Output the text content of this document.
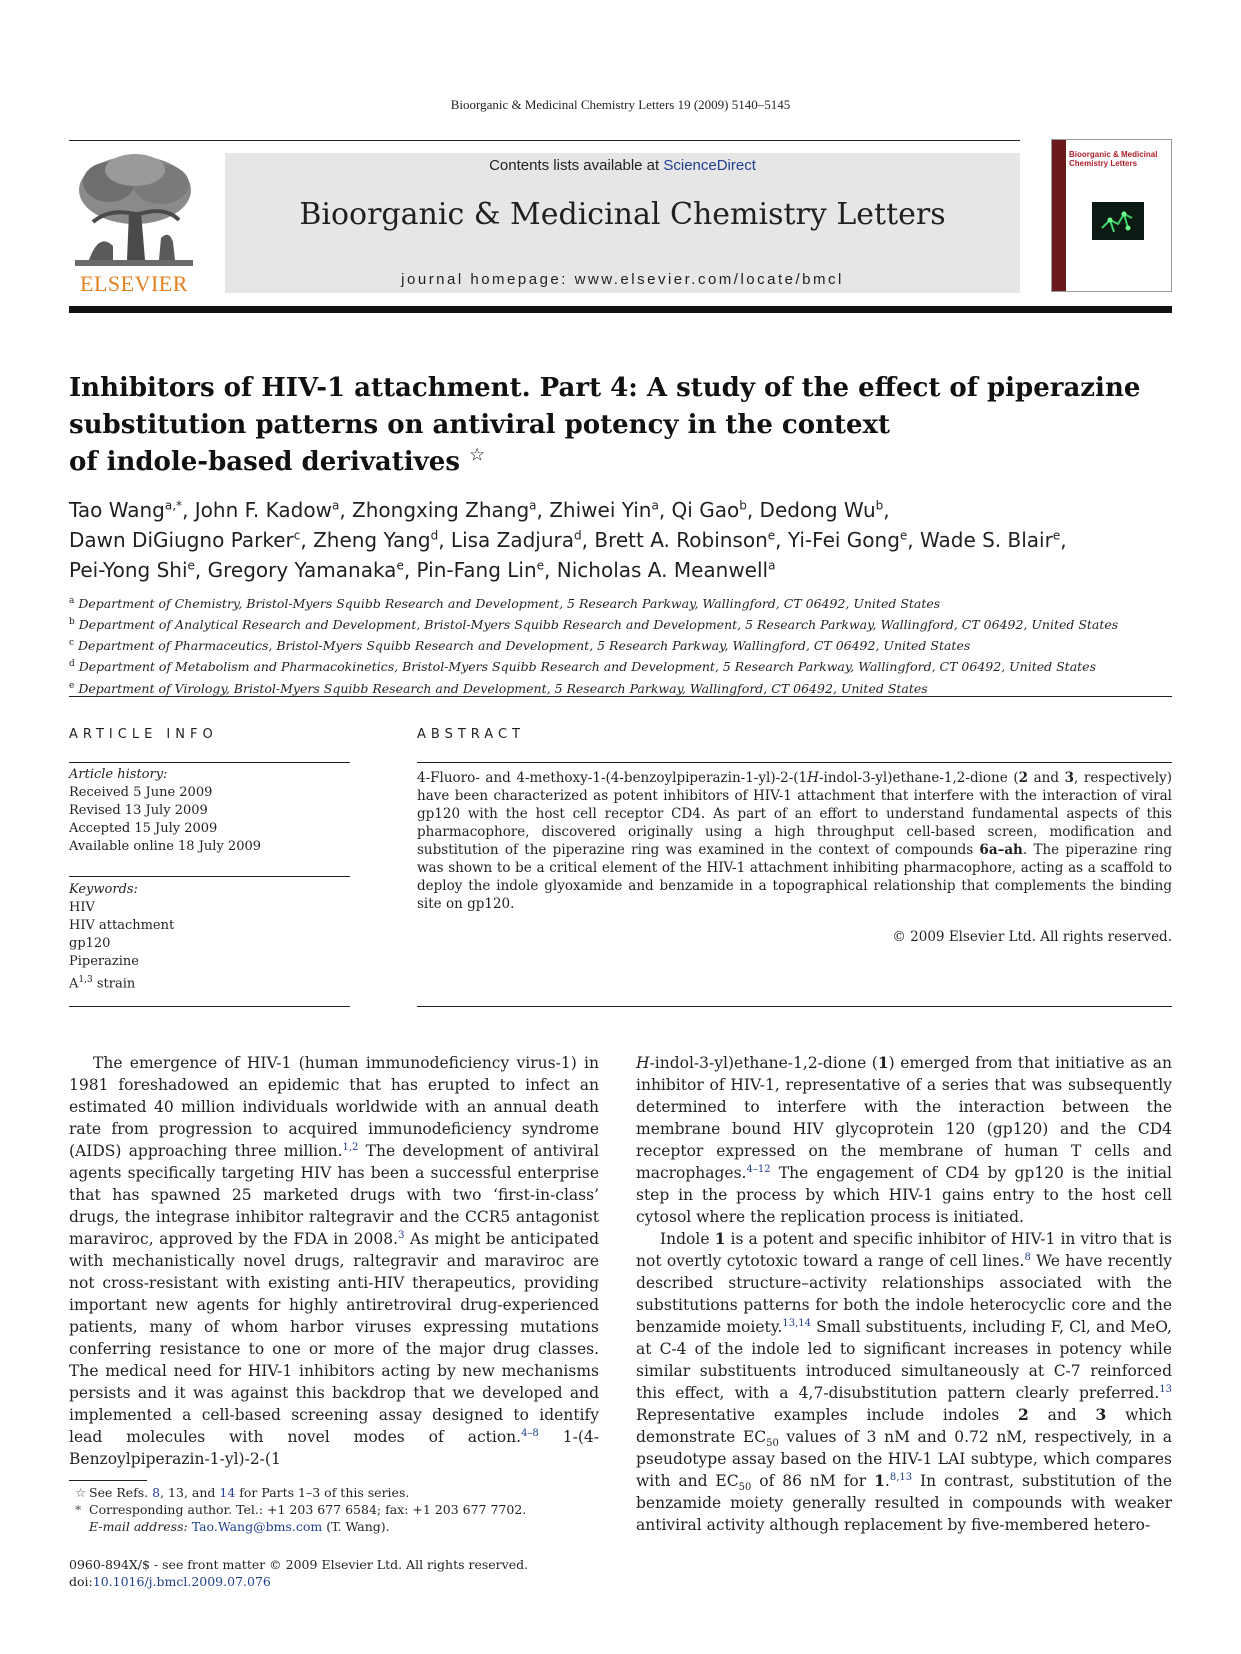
Bioorganic & Medicinal Chemistry Letters 19 (2009) 5140–5145
ELSEVIER
Contents lists available at ScienceDirect
Bioorganic & Medicinal Chemistry Letters
journal homepage: www.elsevier.com/locate/bmcl
Bioorganic & Medicinal Chemistry Letters
Inhibitors of HIV-1 attachment. Part 4: A study of the effect of piperazine
substitution patterns on antiviral potency in the context
of indole-based derivatives ☆
Tao Wang$^{a,*}$, John F. Kadow$^a$, Zhongxing Zhang$^a$, Zhiwei Yin$^a$, Qi Gao$^b$, Dedong Wu$^b$,
Dawn DiGiugno Parker$^c$, Zheng Yang$^d$, Lisa Zadjura$^d$, Brett A. Robinson$^e$, Yi-Fei Gong$^e$, Wade S. Blair$^e$,
Pei-Yong Shi$^e$, Gregory Yamanaka$^e$, Pin-Fang Lin$^e$, Nicholas A. Meanwell$^a$
$^a$ Department of Chemistry, Bristol-Myers Squibb Research and Development, 5 Research Parkway, Wallingford, CT 06492, United States
$^b$ Department of Analytical Research and Development, Bristol-Myers Squibb Research and Development, 5 Research Parkway, Wallingford, CT 06492, United States
$^c$ Department of Pharmaceutics, Bristol-Myers Squibb Research and Development, 5 Research Parkway, Wallingford, CT 06492, United States
$^d$ Department of Metabolism and Pharmacokinetics, Bristol-Myers Squibb Research and Development, 5 Research Parkway, Wallingford, CT 06492, United States
$^e$ Department of Virology, Bristol-Myers Squibb Research and Development, 5 Research Parkway, Wallingford, CT 06492, United States
ARTICLE INFO	ABSTRACT
Article history:
Received 5 June 2009
Revised 13 July 2009
Accepted 15 July 2009
Available online 18 July 2009
Keywords:
HIV
HIV attachment
gp120
Piperazine
A$^{1,3}$ strain
4-Fluoro- and 4-methoxy-1-(4-benzoylpiperazin-1-yl)-2-(1H-indol-3-yl)ethane-1,2-dione (2 and 3, respectively) have been characterized as potent inhibitors of HIV-1 attachment that interfere with the interaction of viral gp120 with the host cell receptor CD4. As part of an effort to understand fundamental aspects of this pharmacophore, discovered originally using a high throughput cell-based screen, modification and substitution of the piperazine ring was examined in the context of compounds 6a–ah. The piperazine ring was shown to be a critical element of the HIV-1 attachment inhibiting pharmacophore, acting as a scaffold to deploy the indole glyoxamide and benzamide in a topographical relationship that complements the binding site on gp120.
© 2009 Elsevier Ltd. All rights reserved.

The emergence of HIV-1 (human immunodeficiency virus-1) in 1981 foreshadowed an epidemic that has erupted to infect an estimated 40 million individuals worldwide with an annual death rate from progression to acquired immunodeficiency syndrome (AIDS) approaching three million.$^{1,2}$ The development of antiviral agents specifically targeting HIV has been a successful enterprise that has spawned 25 marketed drugs with two ‘first-in-class’ drugs, the integrase inhibitor raltegravir and the CCR5 antagonist maraviroc, approved by the FDA in 2008.$^3$ As might be anticipated with mechanistically novel drugs, raltegravir and maraviroc are not cross-resistant with existing anti-HIV therapeutics, providing important new agents for highly antiretroviral drug-experienced patients, many of whom harbor viruses expressing mutations conferring resistance to one or more of the major drug classes. The medical need for HIV-1 inhibitors acting by new mechanisms persists and it was against this backdrop that we developed and implemented a cell-based screening assay designed to identify lead molecules with novel modes of action.$^{4-8}$ 1-(4-Benzoylpiperazin-1-yl)-2-(1

H-indol-3-yl)ethane-1,2-dione (1) emerged from that initiative as an inhibitor of HIV-1, representative of a series that was subsequently determined to interfere with the interaction between the membrane bound HIV glycoprotein 120 (gp120) and the CD4 receptor expressed on the membrane of human T cells and macrophages.$^{4-12}$ The engagement of CD4 by gp120 is the initial step in the process by which HIV-1 gains entry to the host cell cytosol where the replication process is initiated.

Indole 1 is a potent and specific inhibitor of HIV-1 in vitro that is not overtly cytotoxic toward a range of cell lines.$^8$ We have recently described structure–activity relationships associated with the substitutions patterns for both the indole heterocyclic core and the benzamide moiety.$^{13,14}$ Small substituents, including F, Cl, and MeO, at C-4 of the indole led to significant increases in potency while similar substituents introduced simultaneously at C-7 reinforced this effect, with a 4,7-disubstitution pattern clearly preferred.$^{13}$ Representative examples include indoles 2 and 3 which demonstrate $EC_{50}$ values of 3 nM and 0.72 nM, respectively, in a pseudotype assay based on the HIV-1 LAI subtype, which compares with and $EC_{50}$ of 86 nM for 1.$^{8,13}$ In contrast, substitution of the benzamide moiety generally resulted in compounds with weaker antiviral activity although replacement by five-membered hetero-

☆ See Refs. 8, 13, and 14 for Parts 1–3 of this series.
* Corresponding author. Tel.: +1 203 677 6584; fax: +1 203 677 7702.
E-mail address: Tao.Wang@bms.com (T. Wang).
0960-894X/$ - see front matter © 2009 Elsevier Ltd. All rights reserved.
doi:10.1016/j.bmcl.2009.07.076
